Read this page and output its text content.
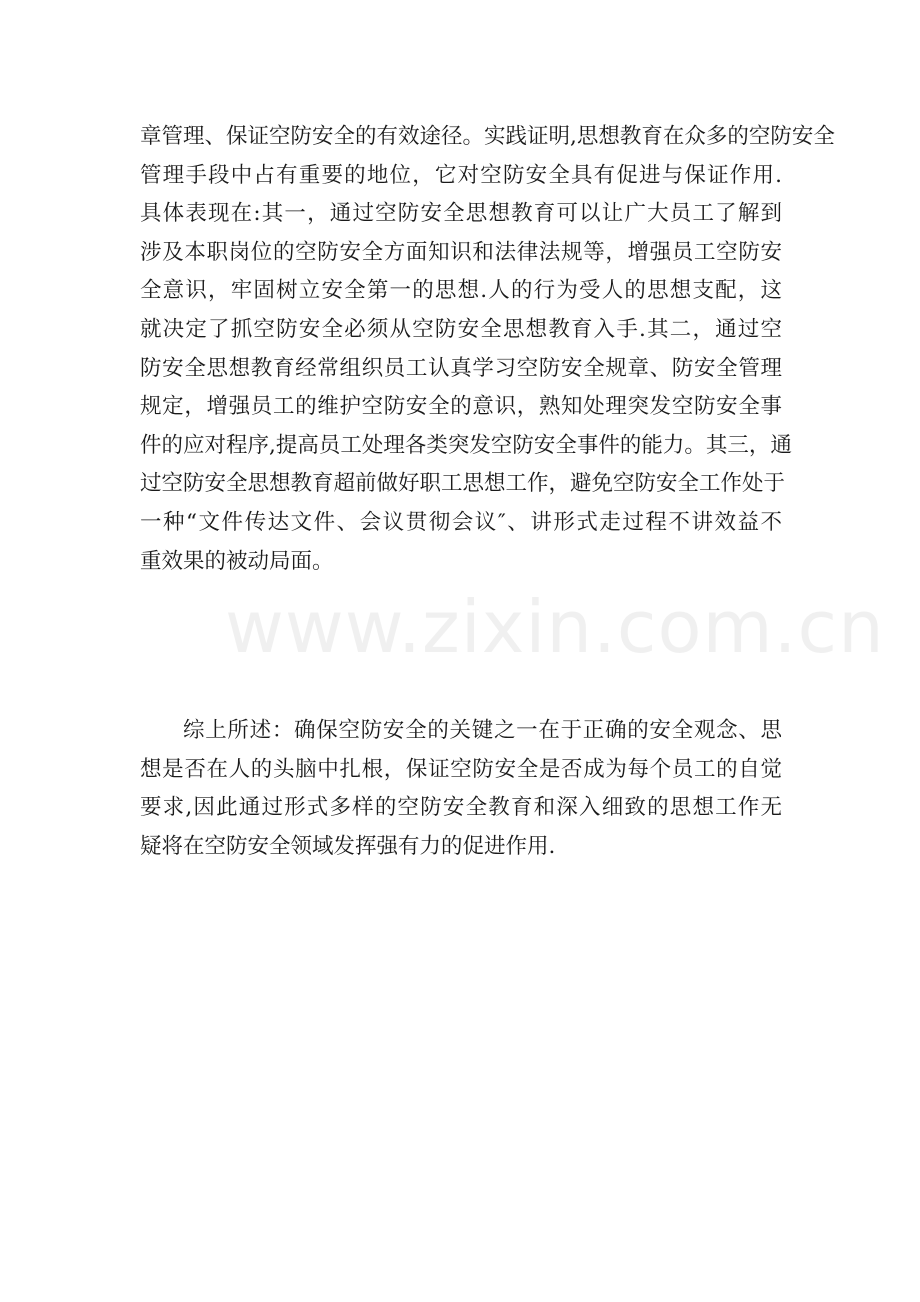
章管理、保证空防安全的有效途径。实践证明,思想教育在众多的空防安全
管理手段中占有重要的地位，它对空防安全具有促进与保证作用.
具体表现在:其一，通过空防安全思想教育可以让广大员工了解到
涉及本职岗位的空防安全方面知识和法律法规等，增强员工空防安
全意识，牢固树立安全第一的思想.人的行为受人的思想支配，这
就决定了抓空防安全必须从空防安全思想教育入手.其二，通过空
防安全思想教育经常组织员工认真学习空防安全规章、防安全管理
规定，增强员工的维护空防安全的意识，熟知处理突发空防安全事
件的应对程序,提高员工处理各类突发空防安全事件的能力。其三，通
过空防安全思想教育超前做好职工思想工作，避免空防安全工作处于
一种“文件传达文件、会议贯彻会议″、讲形式走过程不讲效益不
重效果的被动局面。
综上所述：确保空防安全的关键之一在于正确的安全观念、思
想是否在人的头脑中扎根，保证空防安全是否成为每个员工的自觉
要求,因此通过形式多样的空防安全教育和深入细致的思想工作无
疑将在空防安全领域发挥强有力的促进作用.
www.zixin.com.cn
